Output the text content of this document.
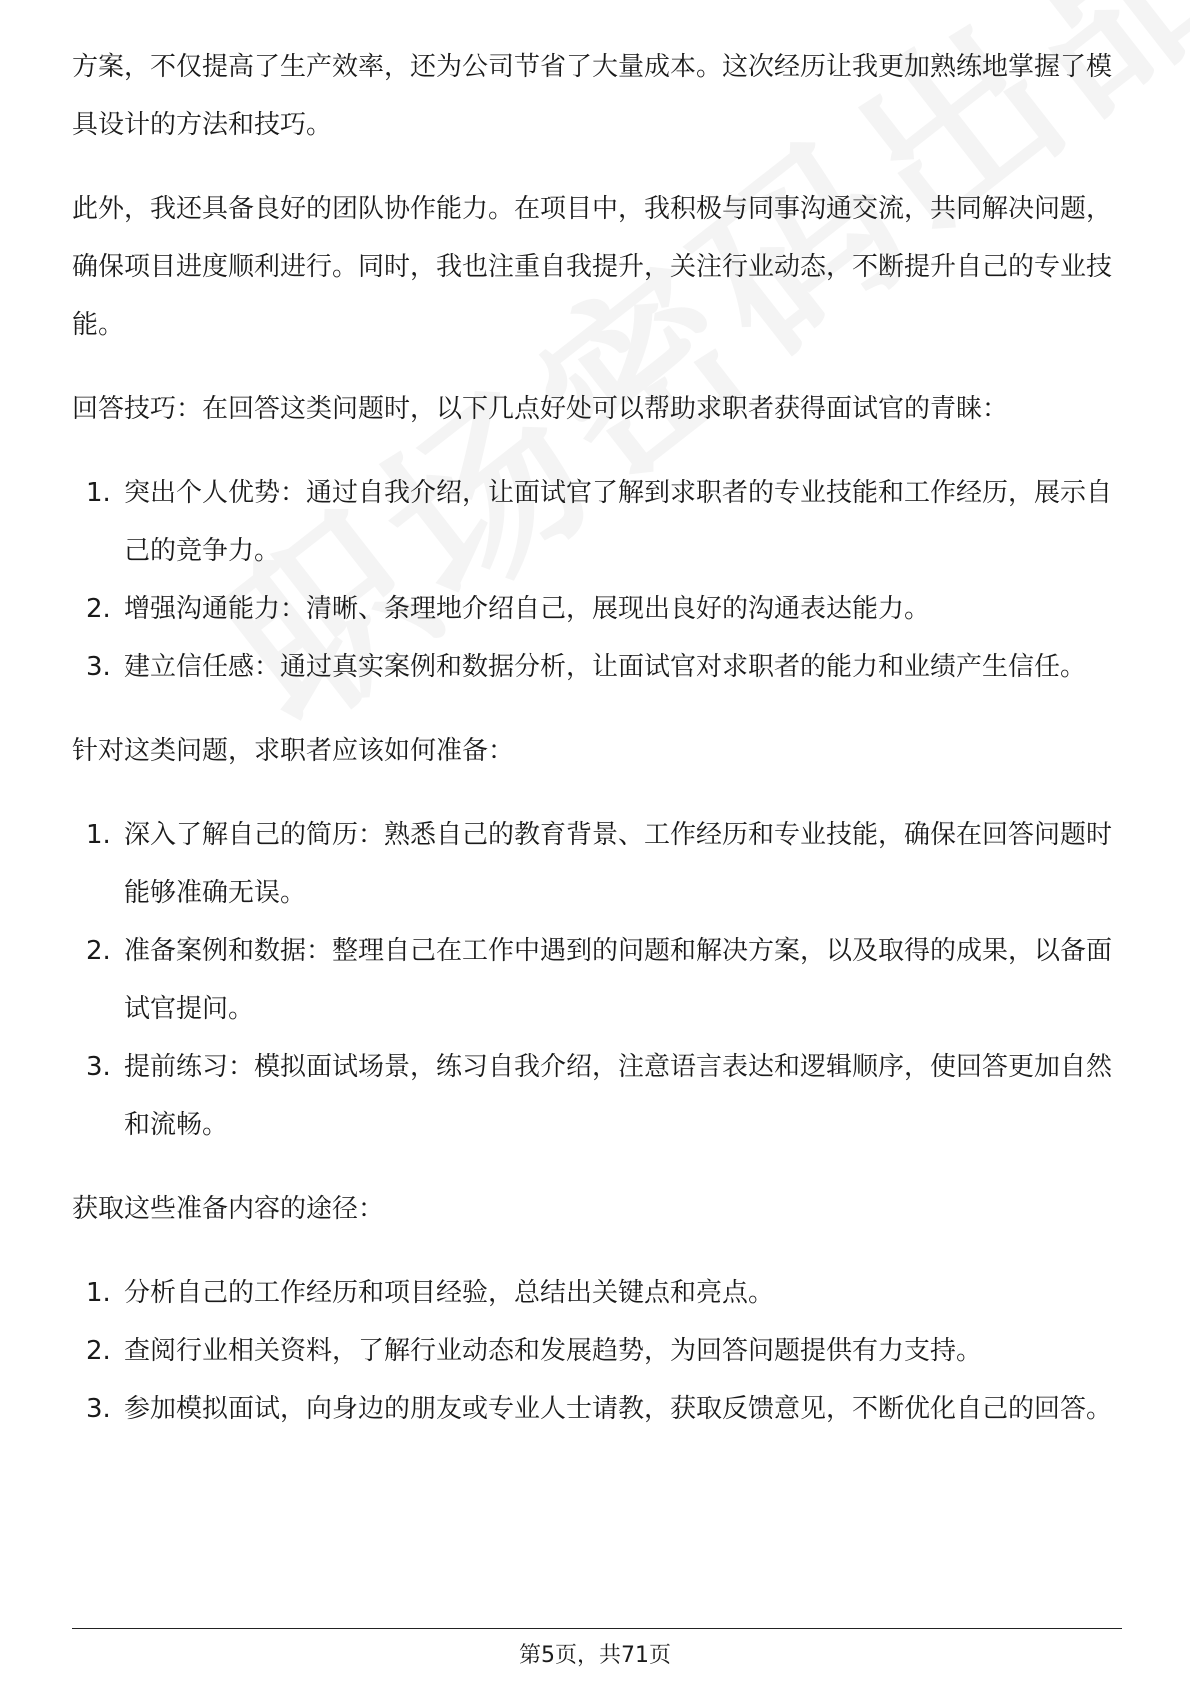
方案，不仅提高了生产效率，还为公司节省了大量成本。这次经历让我更加熟练地掌握了模具设计的方法和技巧。

此外，我还具备良好的团队协作能力。在项目中，我积极与同事沟通交流，共同解决问题，确保项目进度顺利进行。同时，我也注重自我提升，关注行业动态，不断提升自己的专业技能。

回答技巧：在回答这类问题时，以下几点好处可以帮助求职者获得面试官的青睐：

1. 突出个人优势：通过自我介绍，让面试官了解到求职者的专业技能和工作经历，展示自己的竞争力。
2. 增强沟通能力：清晰、条理地介绍自己，展现出良好的沟通表达能力。
3. 建立信任感：通过真实案例和数据分析，让面试官对求职者的能力和业绩产生信任。

针对这类问题，求职者应该如何准备：

1. 深入了解自己的简历：熟悉自己的教育背景、工作经历和专业技能，确保在回答问题时能够准确无误。
2. 准备案例和数据：整理自己在工作中遇到的问题和解决方案，以及取得的成果，以备面试官提问。
3. 提前练习：模拟面试场景，练习自我介绍，注意语言表达和逻辑顺序，使回答更加自然和流畅。

获取这些准备内容的途径：

1. 分析自己的工作经历和项目经验，总结出关键点和亮点。
2. 查阅行业相关资料，了解行业动态和发展趋势，为回答问题提供有力支持。
3. 参加模拟面试，向身边的朋友或专业人士请教，获取反馈意见，不断优化自己的回答。
第5页，共71页
